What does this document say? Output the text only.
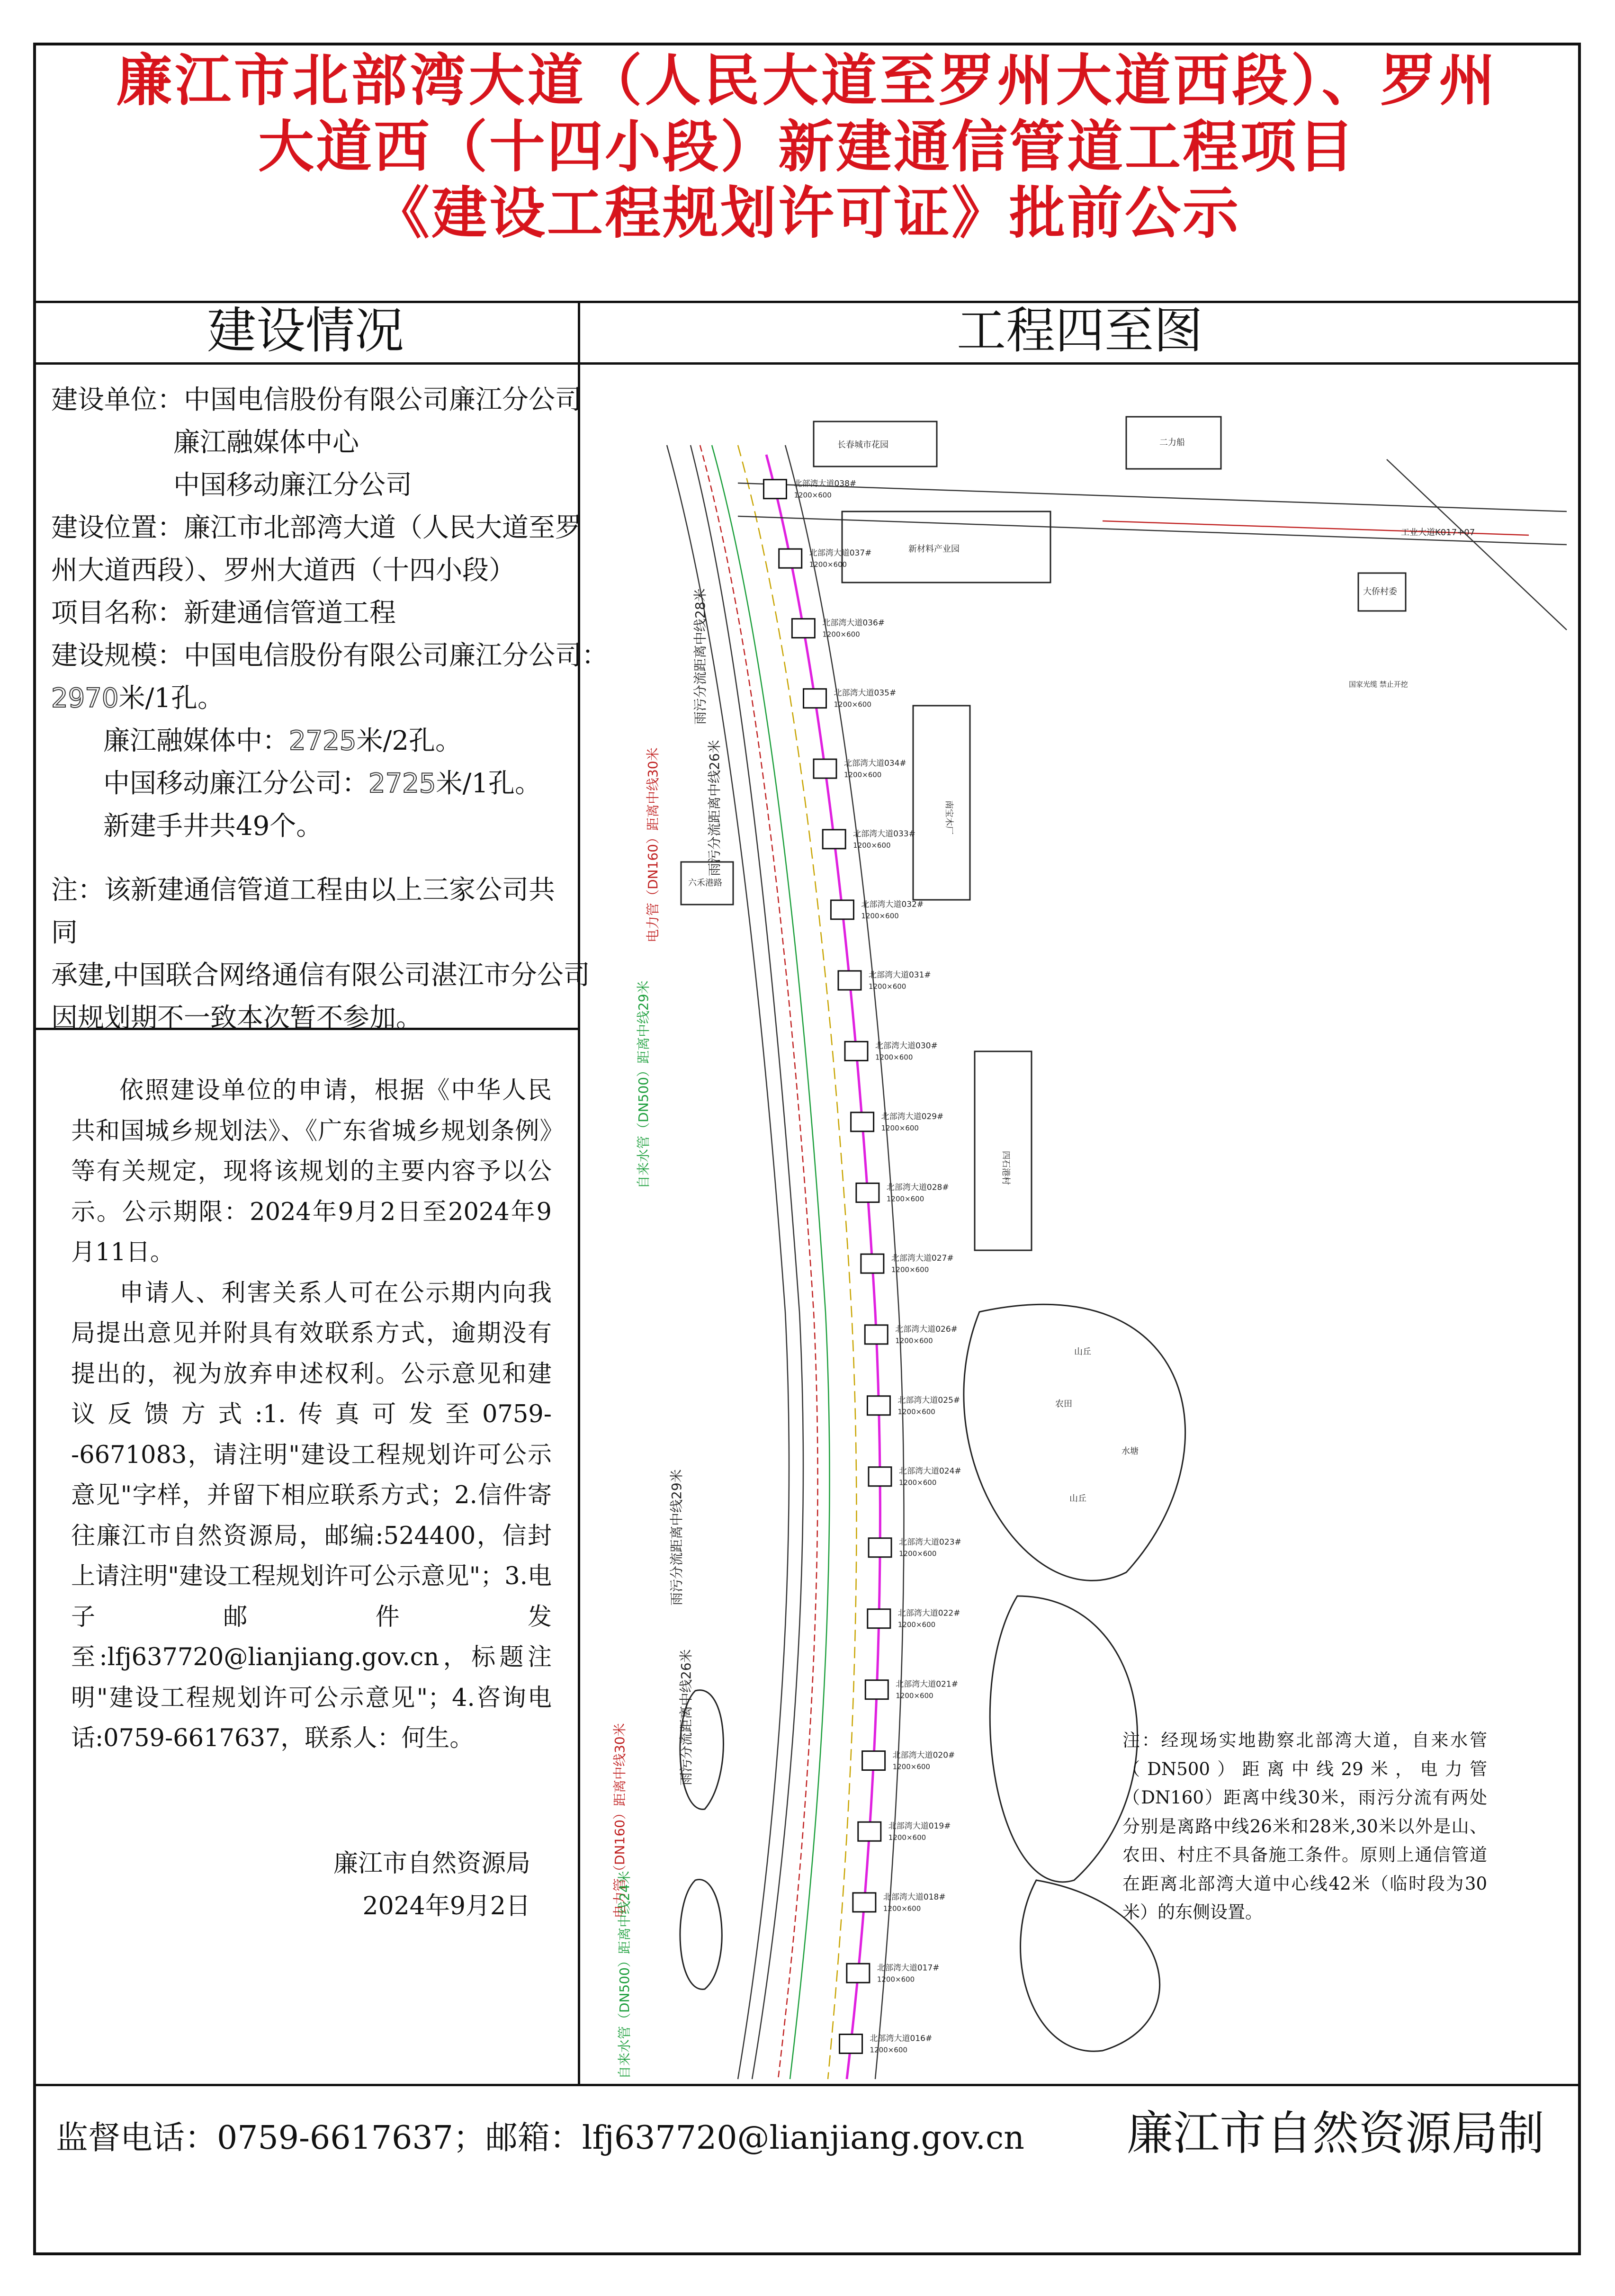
廉江市北部湾大道（人民大道至罗州大道西段）、罗州
大道西（十四小段）新建通信管道工程项目
《建设工程规划许可证》批前公示
建设情况	工程四至图
建设单位：中国电信股份有限公司廉江分公司
廉江融媒体中心
中国移动廉江分公司
建设位置：廉江市北部湾大道（人民大道至罗
州大道西段）、罗州大道西（十四小段）
项目名称：新建通信管道工程
建设规模：中国电信股份有限公司廉江分公司：
2970米/1孔。
廉江融媒体中：2725米/2孔。
中国移动廉江分公司：2725米/1孔。
新建手井共49个。
注：该新建通信管道工程由以上三家公司共同
承建,中国联合网络通信有限公司湛江市分公司
因规划期不一致本次暂不参加。

依照建设单位的申请，根据《中华人民共和国城乡规划法》、《广东省城乡规划条例》等有关规定，现将该规划的主要内容予以公示。公示期限：2024年9月2日至2024年9月11日。

申请人、利害关系人可在公示期内向我局提出意见并附具有效联系方式，逾期没有提出的，视为放弃申述权利。公示意见和建议反馈方式:1.传真可发至0759--6671083，请注明"建设工程规划许可公示意见"字样，并留下相应联系方式；2.信件寄往廉江市自然资源局，邮编:524400，信封上请注明"建设工程规划许可公示意见"；3.电子邮件发至:lfj637720@lianjiang.gov.cn，标题注明"建设工程规划许可公示意见"；4.咨询电话:0759-6617637，联系人：何生。

廉江市自然资源局
2024年9月2日
监督电话：0759-6617637；邮箱：lfj637720@lianjiang.gov.cn	廉江市自然资源局制
北部湾大道038#
1200×600
北部湾大道037#
1200×600
北部湾大道036#
1200×600
北部湾大道035#
1200×600
北部湾大道034#
1200×600
北部湾大道033#
1200×600
北部湾大道032#
1200×600
北部湾大道031#
1200×600
北部湾大道030#
1200×600
北部湾大道029#
1200×600
北部湾大道028#
1200×600
北部湾大道027#
1200×600
北部湾大道026#
1200×600
北部湾大道025#
1200×600
北部湾大道024#
1200×600
北部湾大道023#
1200×600
北部湾大道022#
1200×600
北部湾大道021#
1200×600
北部湾大道020#
1200×600
北部湾大道019#
1200×600
北部湾大道018#
1200×600
北部湾大道017#
1200×600
北部湾大道016#
1200×600
长春城市花园	二力船
新材料产业园
南宝木厂
四石港村
大侨村委
六禾港路
工业大道K017+07
国家光缆 禁止开挖
山丘
农田
水塘
山丘
雨污分流距离中线28米
雨污分流距离中线26米
电力管（DN160）距离中线30米
自来水管（DN500）距离中线29米
雨污分流距离中线29米
雨污分流距离中线26米
电力管（DN160）距离中线30米
自来水管（DN500）距离中线24米
注：经现场实地勘察北部湾大道，自来水管（DN500）距离中线29米，电力管（DN160）距离中线30米，雨污分流有两处分别是离路中线26米和28米,30米以外是山、农田、村庄不具备施工条件。原则上通信管道在距离北部湾大道中心线42米（临时段为30米）的东侧设置。
